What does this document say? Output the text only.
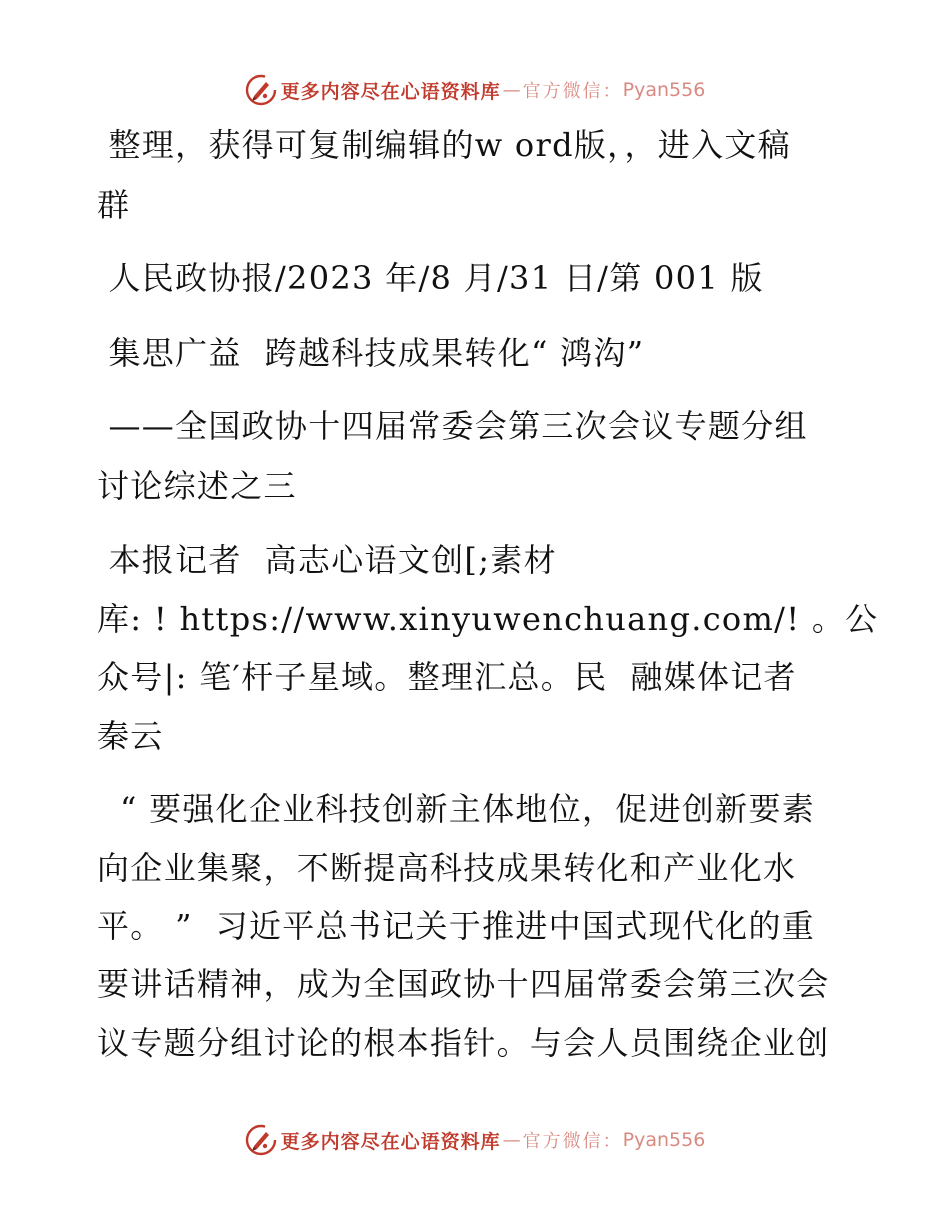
更多内容尽在心语资料库 — 官方微信： Pyan556
整理，获得可复制编辑的w ord版，，进入文稿
群
人民政协报/2023 年/8 月/31 日/第 001 版
集思广益  跨越科技成果转化“ 鸿沟”
——全国政协十四届常委会第三次会议专题分组
讨论综述之三
本报记者  高志心语文创[;素材
库: ! https://www.xinyuwenchuang.com/! 。公
众号|: 笔′杆子星域。整理汇总。民  融媒体记者
秦云
“ 要强化企业科技创新主体地位，促进创新要素
向企业集聚，不断提高科技成果转化和产业化水
平。 ”  习近平总书记关于推进中国式现代化的重
要讲话精神，成为全国政协十四届常委会第三次会
议专题分组讨论的根本指针。与会人员围绕企业创
更多内容尽在心语资料库 — 官方微信： Pyan556
